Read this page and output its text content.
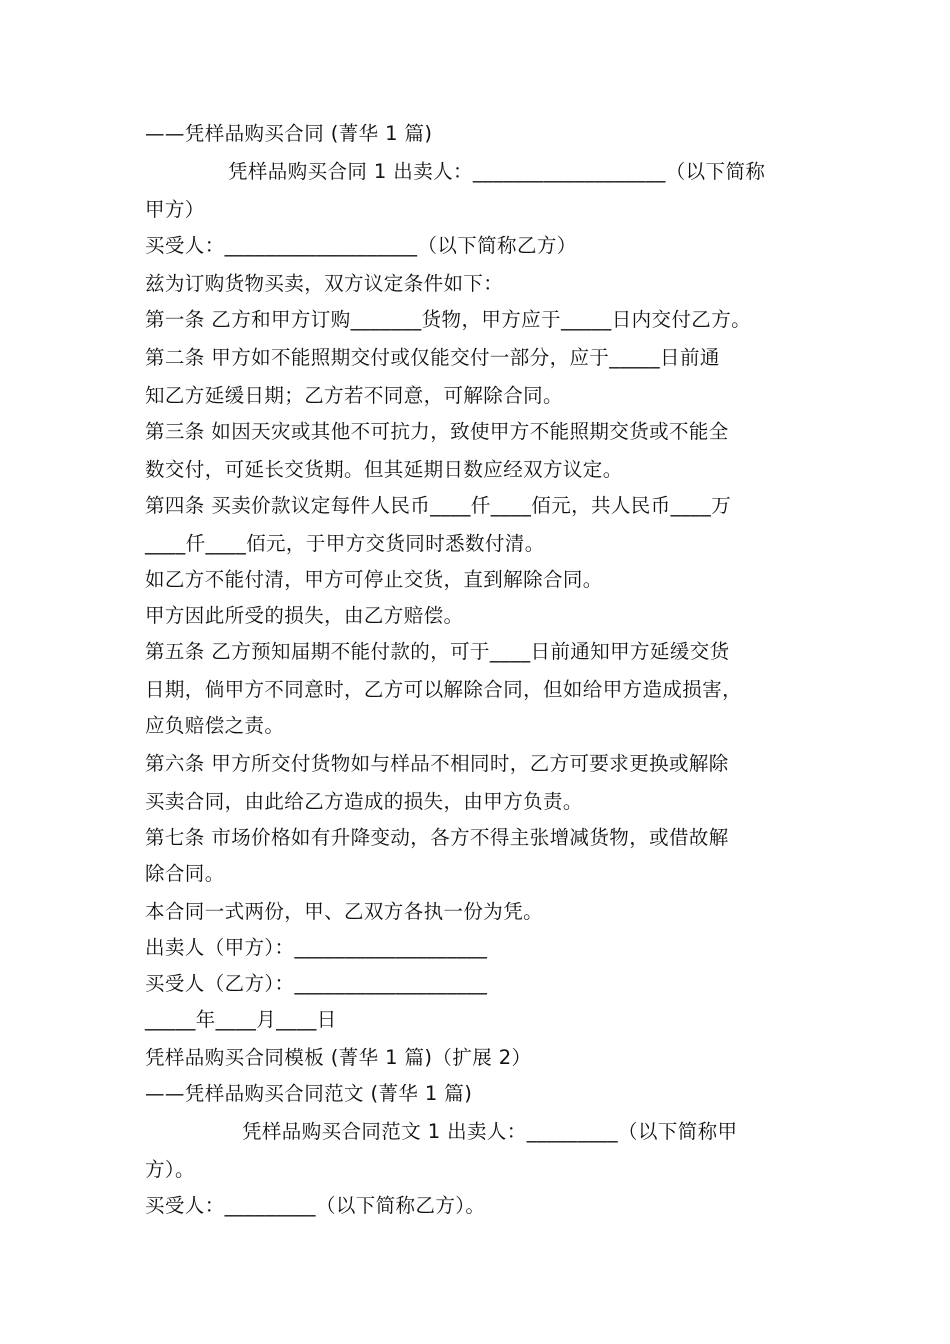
——凭样品购买合同 (菁华 1 篇)
凭样品购买合同 1 出卖人：___________________（以下简称
甲方）
买受人：___________________（以下简称乙方）
兹为订购货物买卖，双方议定条件如下：
第一条 乙方和甲方订购_______货物，甲方应于_____日内交付乙方。
第二条 甲方如不能照期交付或仅能交付一部分，应于_____日前通
知乙方延缓日期；乙方若不同意，可解除合同。
第三条 如因天灾或其他不可抗力，致使甲方不能照期交货或不能全
数交付，可延长交货期。但其延期日数应经双方议定。
第四条 买卖价款议定每件人民币____仟____佰元，共人民币____万
____仟____佰元，于甲方交货同时悉数付清。
如乙方不能付清，甲方可停止交货，直到解除合同。
甲方因此所受的损失，由乙方赔偿。
第五条 乙方预知届期不能付款的，可于____日前通知甲方延缓交货
日期，倘甲方不同意时，乙方可以解除合同，但如给甲方造成损害，
应负赔偿之责。
第六条 甲方所交付货物如与样品不相同时，乙方可要求更换或解除
买卖合同，由此给乙方造成的损失，由甲方负责。
第七条 市场价格如有升降变动，各方不得主张增减货物，或借故解
除合同。
本合同一式两份，甲、乙双方各执一份为凭。
出卖人（甲方）：___________________
买受人（乙方）：___________________
_____年____月____日
凭样品购买合同模板 (菁华 1 篇)（扩展 2）
——凭样品购买合同范文 (菁华 1 篇)
凭样品购买合同范文 1 出卖人：_________（以下简称甲
方）。
买受人：_________（以下简称乙方）。
